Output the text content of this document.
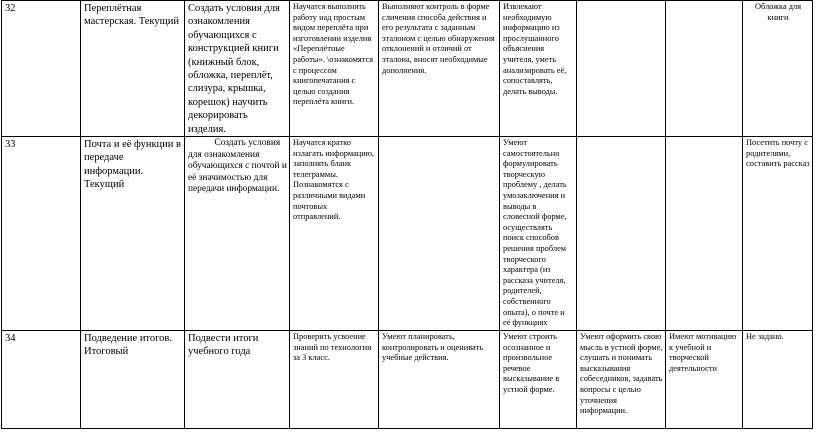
32	Переплётная мастерская. Текущий	Создать условия для ознакомления обучающихся с конструкцией книги (книжный блок, обложка, переплёт, слизура, крышка, корешок) научить декорировать изделия.	Научатся выполнять работу над простым видом переплёта при изготовлении изделия «Переплётные работы». \ознакомятся с процессом книгопечатания с целью создания переплёта книги.	Выполняют контроль в форме сличения способа действия и его результата с заданным эталоном с целью обнаружения отклонений и отличий от эталона, вносят необходимые дополнения.	Извлекают необходимую информацию из прослушанного объяснения учителя, уметь анализировать её, сопоставлять, делать выводы.			Обложка для книги
33	Почта и её функции в передаче информации. Текущий	Создать условия для ознакомления обучающихся с почтой и её значимостью для передачи информации.	Научатся кратко излагать информацию, заполнять бланк телеграммы. Познакомятся с различными видами почтовых отправлений.		Умеют самостоятельно формулировать творческую проблему , делать умозаключения и выводы в словесной форме, осуществлять поиск способов решения проблем творческого характера (из рассказа учителя, родителей, собственного опыта), о почте и её функциях			Посетить почту с родителями, составить рассказ
34	Подведение итогов. Итоговый	Подвести итоги учебного года	Проверить усвоение знаний по технологии за 3 класс.	Умеют планировать, контролировать и оценивать учебные действия.	Умеют строить осознанное и произвольное речевое высказывание в устной форме.	Умеют оформить свою мысль в устной форме, слушать и понимать высказывания собеседников, задавать вопросы с целью уточнения информации.	Имеют мотивацию к учебной и творческой деятельности	Не задано.
